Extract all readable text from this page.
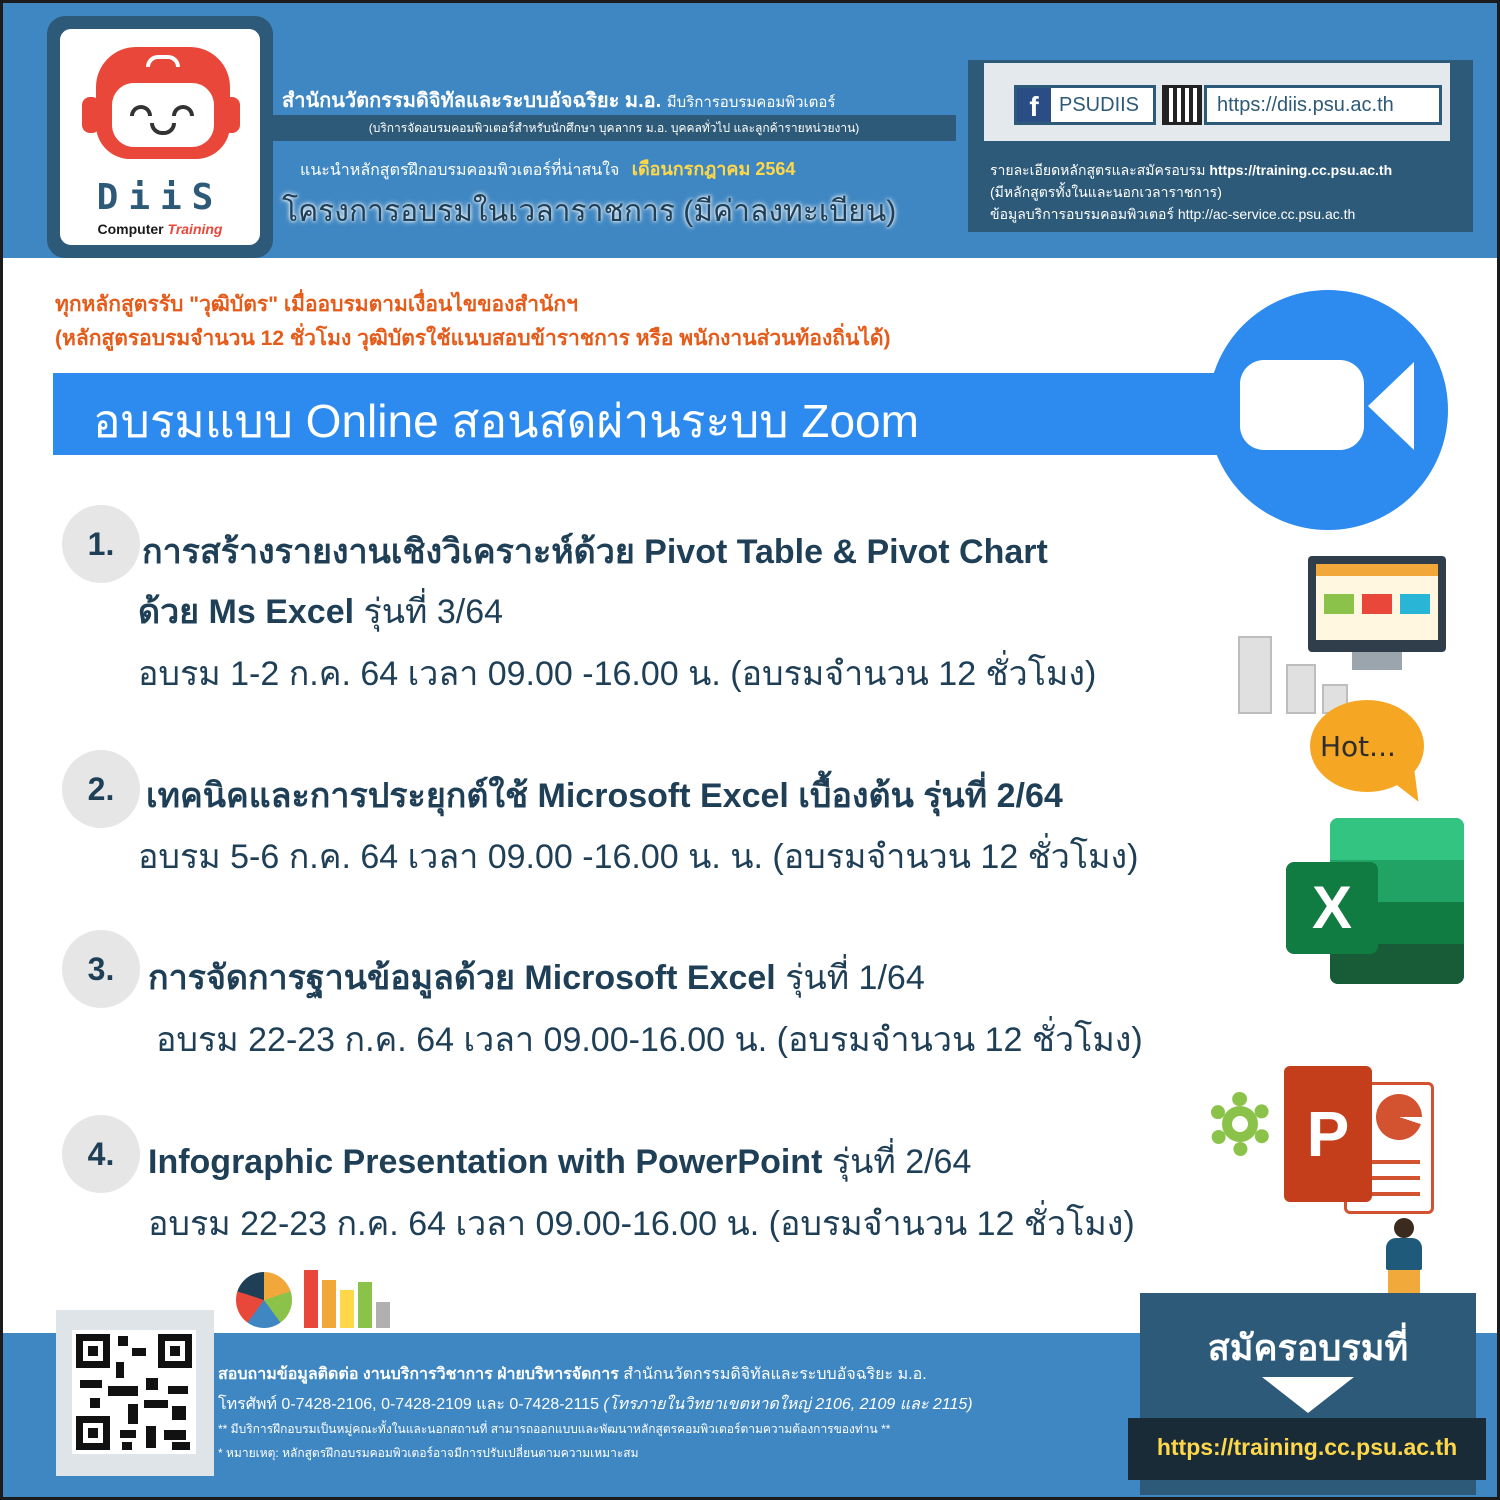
DiiS
Computer Training
สำนักนวัตกรรมดิจิทัลและระบบอัจฉริยะ ม.อ. มีบริการอบรมคอมพิวเตอร์
(บริการจัดอบรมคอมพิวเตอร์สำหรับนักศึกษา บุคลากร ม.อ. บุคคลทั่วไป และลูกค้ารายหน่วยงาน)
แนะนำหลักสูตรฝึกอบรมคอมพิวเตอร์ที่น่าสนใจ เดือนกรกฎาคม 2564
โครงการอบรมในเวลาราชการ (มีค่าลงทะเบียน)
f	PSUDIIS	https://diis.psu.ac.th
รายละเอียดหลักสูตรและสมัครอบรม https://training.cc.psu.ac.th
(มีหลักสูตรทั้งในและนอกเวลาราชการ)
ข้อมูลบริการอบรมคอมพิวเตอร์ http://ac-service.cc.psu.ac.th
ทุกหลักสูตรรับ "วุฒิบัตร" เมื่ออบรมตามเงื่อนไขของสำนักฯ
(หลักสูตรอบรมจำนวน 12 ชั่วโมง วุฒิบัตรใช้แนบสอบข้าราชการ หรือ พนักงานส่วนท้องถิ่นได้)
อบรมแบบ Online สอนสดผ่านระบบ Zoom
1. การสร้างรายงานเชิงวิเคราะห์ด้วย Pivot Table & Pivot Chart
ด้วย Ms Excel รุ่นที่ 3/64
อบรม 1-2 ก.ค. 64 เวลา 09.00 -16.00 น. (อบรมจำนวน 12 ชั่วโมง)
2. เทคนิคและการประยุกต์ใช้ Microsoft Excel เบื้องต้น รุ่นที่ 2/64
อบรม 5-6 ก.ค. 64 เวลา 09.00 -16.00 น. น. (อบรมจำนวน 12 ชั่วโมง)
3. การจัดการฐานข้อมูลด้วย Microsoft Excel รุ่นที่ 1/64
อบรม 22-23 ก.ค. 64 เวลา 09.00-16.00 น. (อบรมจำนวน 12 ชั่วโมง)
4. Infographic Presentation with PowerPoint รุ่นที่ 2/64
อบรม 22-23 ก.ค. 64 เวลา 09.00-16.00 น. (อบรมจำนวน 12 ชั่วโมง)
Hot...
X
P
สอบถามข้อมูลติดต่อ งานบริการวิชาการ ฝ่ายบริหารจัดการ สำนักนวัตกรรมดิจิทัลและระบบอัจฉริยะ ม.อ.
โทรศัพท์ 0-7428-2106, 0-7428-2109 และ 0-7428-2115 (โทรภายในวิทยาเขตหาดใหญ่ 2106, 2109 และ 2115)
** มีบริการฝึกอบรมเป็นหมู่คณะทั้งในและนอกสถานที่ สามารถออกแบบและพัฒนาหลักสูตรคอมพิวเตอร์ตามความต้องการของท่าน **
* หมายเหตุ: หลักสูตรฝึกอบรมคอมพิวเตอร์อาจมีการปรับเปลี่ยนตามความเหมาะสม
สมัครอบรมที่
https://training.cc.psu.ac.th
